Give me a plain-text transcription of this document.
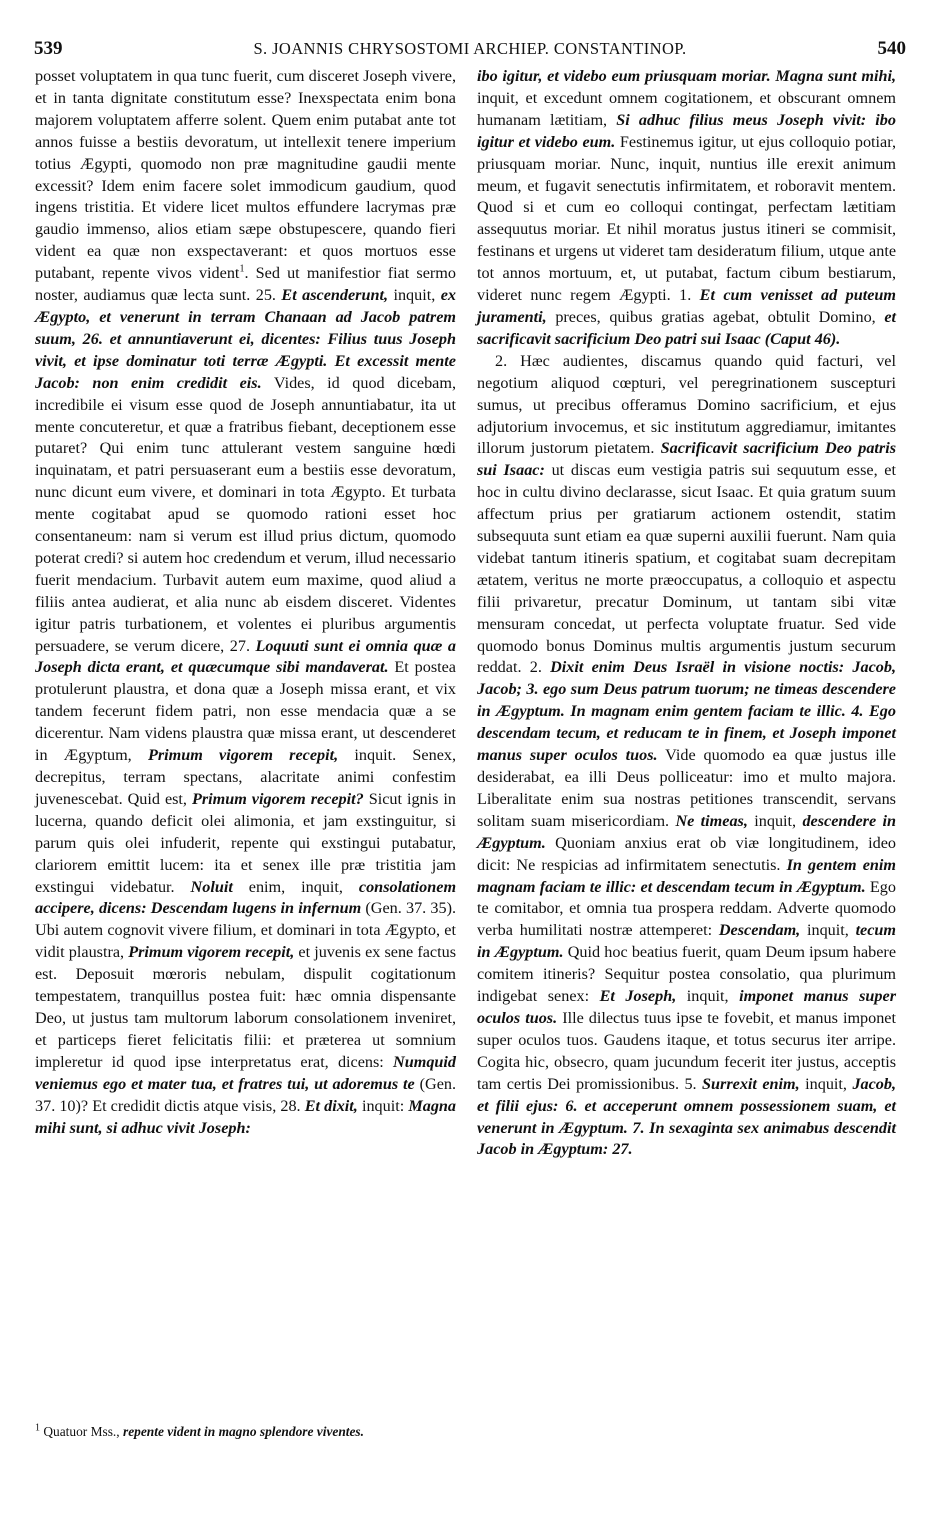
539	S. JOANNIS CHRYSOSTOMI ARCHIEP. CONSTANTINOP.	540

posset voluptatem in qua tunc fuerit, cum disceret Joseph vivere, et in tanta dignitate constitutum esse? Inexspectata enim bona majorem voluptatem afferre solent. Quem enim putabat ante tot annos fuisse a bestiis devoratum, ut intellexit tenere imperium totius Ægypti, quomodo non præ magnitudine gaudii mente excessit? Idem enim facere solet immodicum gaudium, quod ingens tristitia. Et videre licet multos effundere lacrymas præ gaudio immenso, alios etiam sæpe obstupescere, quando fieri vident ea quæ non exspectaverant: et quos mortuos esse putabant, repente vivos vident$^1$. Sed ut manifestior fiat sermo noster, audiamus quæ lecta sunt. 25. Et ascenderunt, inquit, ex Ægypto, et venerunt in terram Chanaan ad Jacob patrem suum, 26. et annuntiaverunt ei, dicentes: Filius tuus Joseph vivit, et ipse dominatur toti terræ Ægypti. Et excessit mente Jacob: non enim credidit eis. Vides, id quod dicebam, incredibile ei visum esse quod de Joseph annuntiabatur, ita ut mente concuteretur, et quæ a fratribus fiebant, deceptionem esse putaret? Qui enim tunc attulerant vestem sanguine hœdi inquinatam, et patri persuaserant eum a bestiis esse devoratum, nunc dicunt eum vivere, et dominari in tota Ægypto. Et turbata mente cogitabat apud se quomodo rationi esset hoc consentaneum: nam si verum est illud prius dictum, quomodo poterat credi? si autem hoc credendum et verum, illud necessario fuerit mendacium. Turbavit autem eum maxime, quod aliud a filiis antea audierat, et alia nunc ab eisdem disceret. Videntes igitur patris turbationem, et volentes ei pluribus argumentis persuadere, se verum dicere, 27. Loquuti sunt ei omnia quæ a Joseph dicta erant, et quæcumque sibi mandaverat. Et postea protulerunt plaustra, et dona quæ a Joseph missa erant, et vix tandem fecerunt fidem patri, non esse mendacia quæ a se dicerentur. Nam videns plaustra quæ missa erant, ut descenderet in Ægyptum, Primum vigorem recepit, inquit. Senex, decrepitus, terram spectans, alacritate animi confestim juvenescebat. Quid est, Primum vigorem recepit? Sicut ignis in lucerna, quando deficit olei alimonia, et jam exstinguitur, si parum quis olei infuderit, repente qui exstingui putabatur, clariorem emittit lucem: ita et senex ille præ tristitia jam exstingui videbatur. Noluit enim, inquit, consolationem accipere, dicens: Descendam lugens in infernum (Gen. 37. 35). Ubi autem cognovit vivere filium, et dominari in tota Ægypto, et vidit plaustra, Primum vigorem recepit, et juvenis ex sene factus est. Deposuit mœroris nebulam, dispulit cogitationum tempestatem, tranquillus postea fuit: hæc omnia dispensante Deo, ut justus tam multorum laborum consolationem inveniret, et particeps fieret felicitatis filii: et præterea ut somnium impleretur id quod ipse interpretatus erat, dicens: Numquid veniemus ego et mater tua, et fratres tui, ut adoremus te (Gen. 37. 10)? Et credidit dictis atque visis, 28. Et dixit, inquit: Magna mihi sunt, si adhuc vivit Joseph:

ibo igitur, et videbo eum priusquam moriar. Magna sunt mihi, inquit, et excedunt omnem cogitationem, et obscurant omnem humanam lætitiam, Si adhuc filius meus Joseph vivit: ibo igitur et videbo eum. Festinemus igitur, ut ejus colloquio potiar, priusquam moriar. Nunc, inquit, nuntius ille erexit animum meum, et fugavit senectutis infirmitatem, et roboravit mentem. Quod si et cum eo colloqui contingat, perfectam lætitiam assequutus moriar. Et nihil moratus justus itineri se commisit, festinans et urgens ut videret tam desideratum filium, utque ante tot annos mortuum, et, ut putabat, factum cibum bestiarum, videret nunc regem Ægypti. 1. Et cum venisset ad puteum juramenti, preces, quibus gratias agebat, obtulit Domino, et sacrificavit sacrificium Deo patri sui Isaac (Caput 46).

2. Hæc audientes, discamus quando quid facturi, vel negotium aliquod cœpturi, vel peregrinationem suscepturi sumus, ut precibus offeramus Domino sacrificium, et ejus adjutorium invocemus, et sic institutum aggrediamur, imitantes illorum justorum pietatem. Sacrificavit sacrificium Deo patris sui Isaac: ut discas eum vestigia patris sui sequutum esse, et hoc in cultu divino declarasse, sicut Isaac. Et quia gratum suum affectum prius per gratiarum actionem ostendit, statim subsequuta sunt etiam ea quæ superni auxilii fuerunt. Nam quia videbat tantum itineris spatium, et cogitabat suam decrepitam ætatem, veritus ne morte præoccupatus, a colloquio et aspectu filii privaretur, precatur Dominum, ut tantam sibi vitæ mensuram concedat, ut perfecta voluptate fruatur. Sed vide quomodo bonus Dominus multis argumentis justum securum reddat. 2. Dixit enim Deus Israël in visione noctis: Jacob, Jacob; 3. ego sum Deus patrum tuorum; ne timeas descendere in Ægyptum. In magnam enim gentem faciam te illic. 4. Ego descendam tecum, et reducam te in finem, et Joseph imponet manus super oculos tuos. Vide quomodo ea quæ justus ille desiderabat, ea illi Deus polliceatur: imo et multo majora. Liberalitate enim sua nostras petitiones transcendit, servans solitam suam misericordiam. Ne timeas, inquit, descendere in Ægyptum. Quoniam anxius erat ob viæ longitudinem, ideo dicit: Ne respicias ad infirmitatem senectutis. In gentem enim magnam faciam te illic: et descendam tecum in Ægyptum. Ego te comitabor, et omnia tua prospera reddam. Adverte quomodo verba humilitati nostræ attemperet: Descendam, inquit, tecum in Ægyptum. Quid hoc beatius fuerit, quam Deum ipsum habere comitem itineris? Sequitur postea consolatio, qua plurimum indigebat senex: Et Joseph, inquit, imponet manus super oculos tuos. Ille dilectus tuus ipse te fovebit, et manus imponet super oculos tuos. Gaudens itaque, et totus securus iter arripe. Cogita hic, obsecro, quam jucundum fecerit iter justus, acceptis tam certis Dei promissionibus. 5. Surrexit enim, inquit, Jacob, et filii ejus: 6. et acceperunt omnem possessionem suam, et venerunt in Ægyptum. 7. In sexaginta sex animabus descendit Jacob in Ægyptum: 27.

$^1$ Quatuor Mss., repente vident in magno splendore viventes.
